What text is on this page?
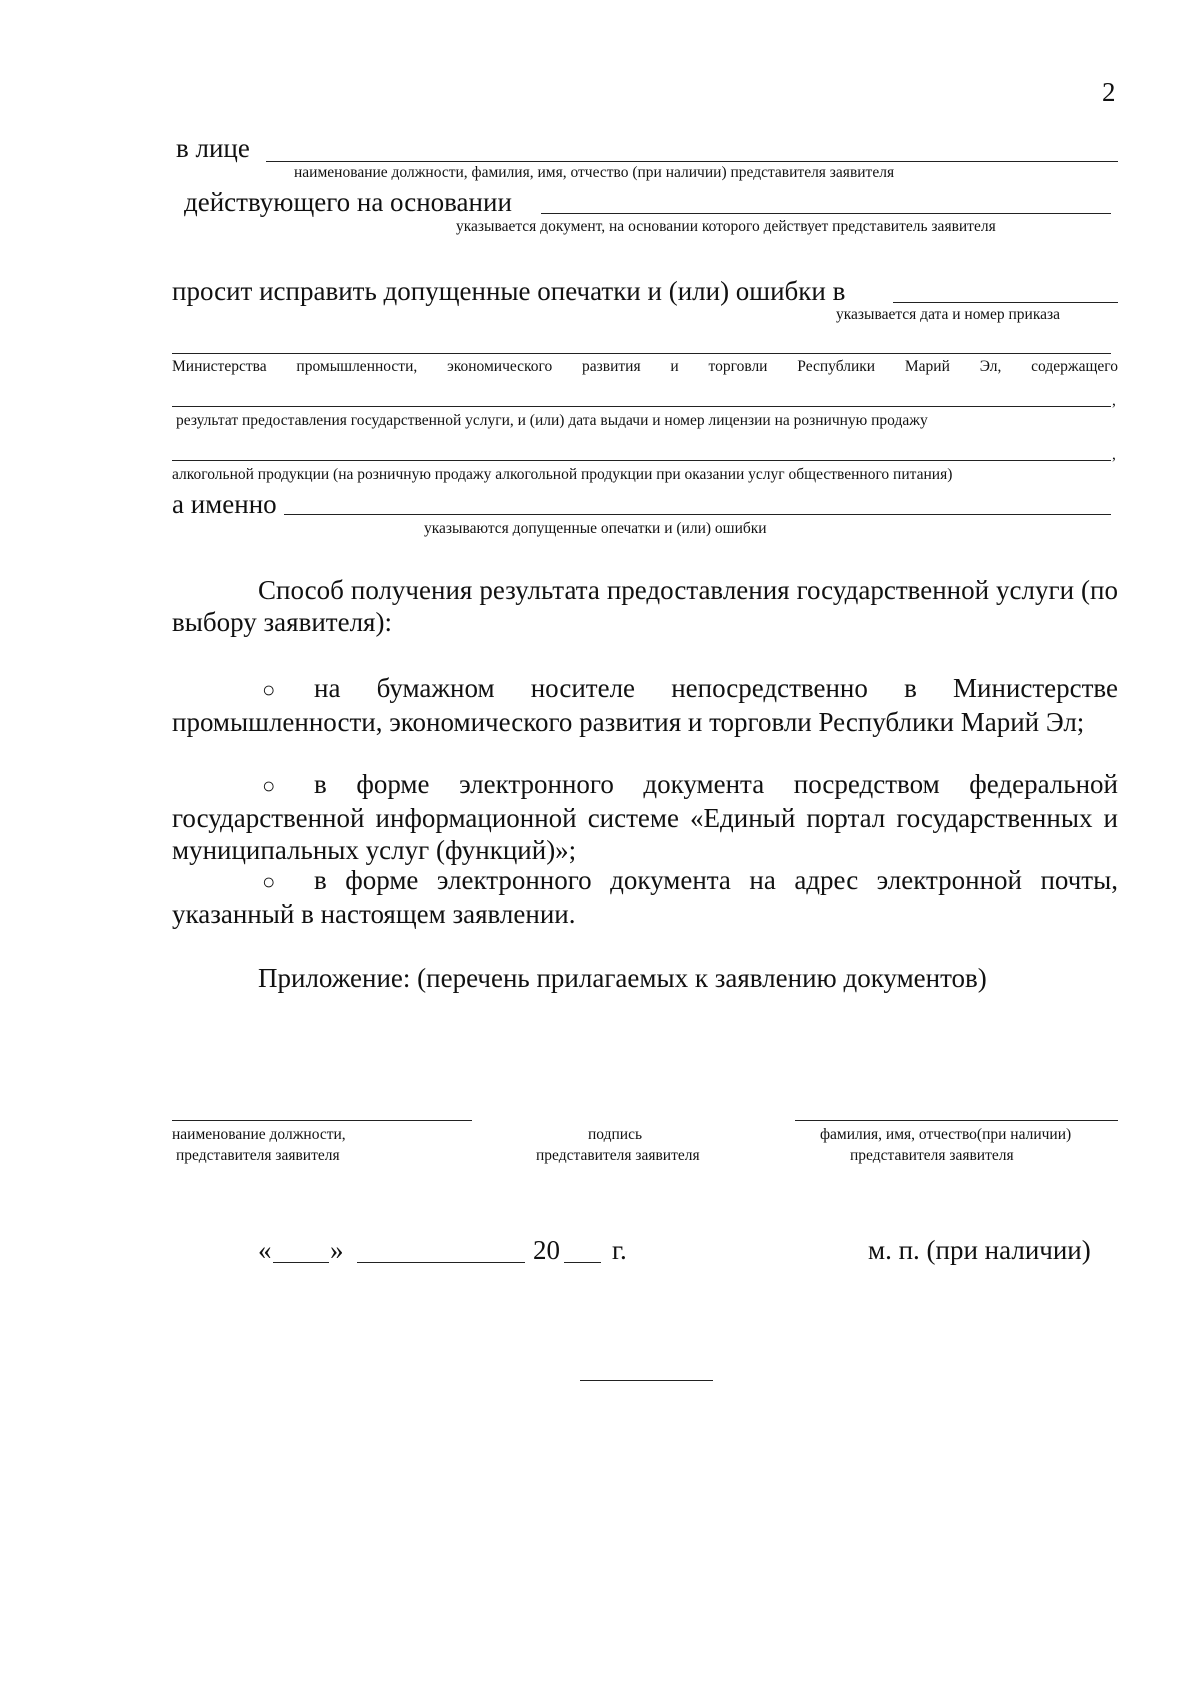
2
в лице
наименование должности, фамилия, имя, отчество (при наличии) представителя заявителя
действующего на основании
указывается документ, на основании которого действует представитель заявителя
просит исправить допущенные опечатки и (или) ошибки в
указывается дата и номер приказа
Министерства промышленности, экономического развития и торговли Республики Марий Эл, содержащего
,
результат предоставления государственной услуги, и (или) дата выдачи и номер лицензии на розничную продажу
,
алкогольной продукции (на розничную продажу алкогольной продукции при оказании услуг общественного питания)
а именно
указываются допущенные опечатки и (или) ошибки
Способ получения результата предоставления государственной услуги (по выбору заявителя):
○ на бумажном носителе непосредственно в Министерстве промышленности, экономического развития и торговли Республики Марий Эл;
○ в форме электронного документа посредством федеральной государственной информационной системе «Единый портал государственных и муниципальных услуг (функций)»;
○ в форме электронного документа на адрес электронной почты, указанный в настоящем заявлении.
Приложение: (перечень прилагаемых к заявлению документов)
наименование должности,
представителя заявителя
подпись
представителя заявителя
фамилия, имя, отчество(при наличии)
представителя заявителя
« »	20 г.	м. п. (при наличии)
